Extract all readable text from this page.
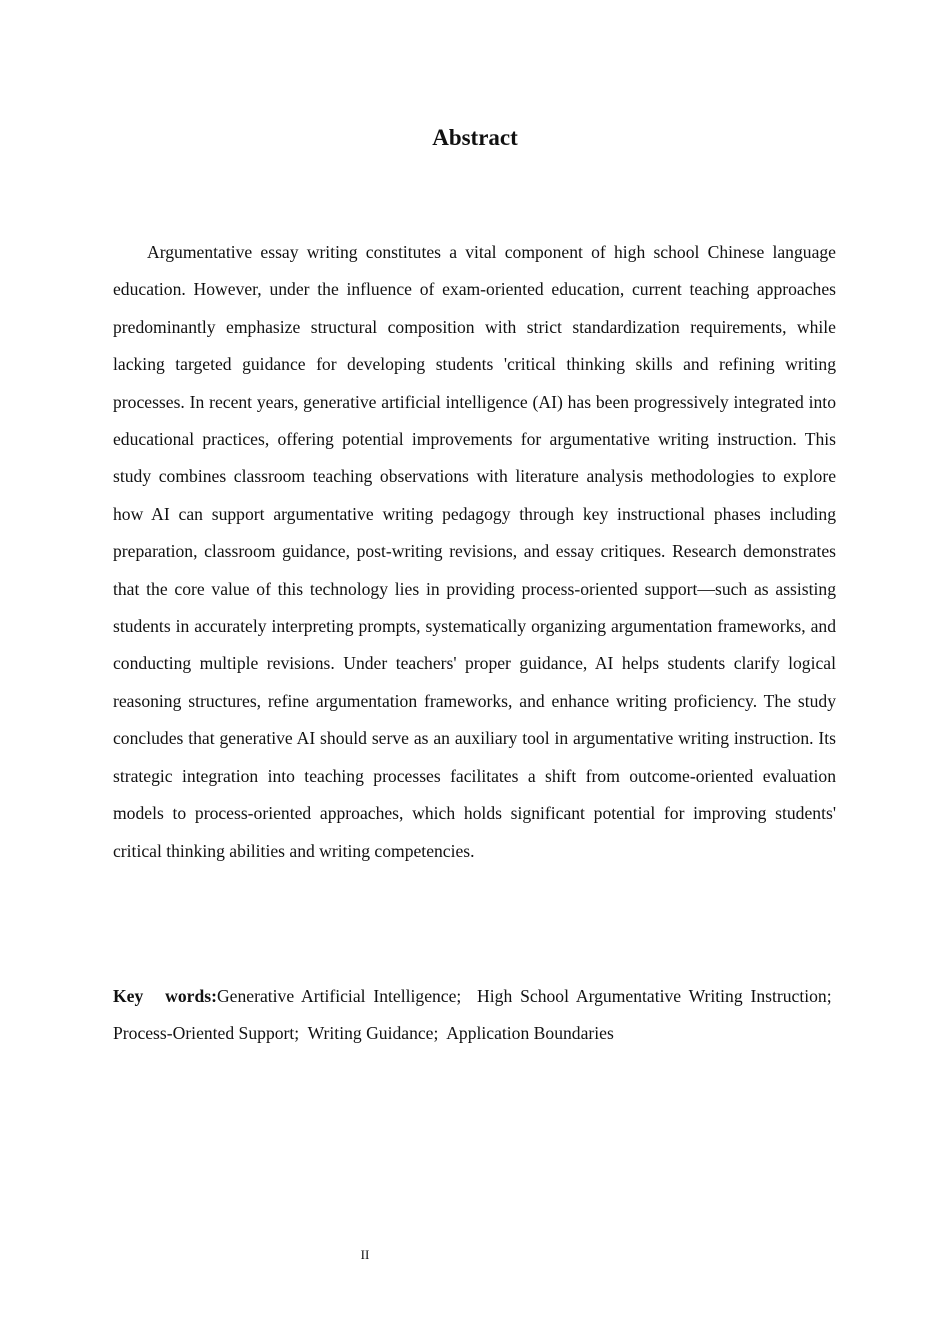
Abstract

Argumentative essay writing constitutes a vital component of high school Chinese language education. However, under the influence of exam-oriented education, current teaching approaches predominantly emphasize structural composition with strict standardization requirements, while lacking targeted guidance for developing students 'critical thinking skills and refining writing processes. In recent years, generative artificial intelligence (AI) has been progressively integrated into educational practices, offering potential improvements for argumentative writing instruction. This study combines classroom teaching observations with literature analysis methodologies to explore how AI can support argumentative writing pedagogy through key instructional phases including preparation, classroom guidance, post-writing revisions, and essay critiques. Research demonstrates that the core value of this technology lies in providing process-oriented support—such as assisting students in accurately interpreting prompts, systematically organizing argumentation frameworks, and conducting multiple revisions. Under teachers' proper guidance, AI helps students clarify logical reasoning structures, refine argumentation frameworks, and enhance writing proficiency. The study concludes that generative AI should serve as an auxiliary tool in argumentative writing instruction. Its strategic integration into teaching processes facilitates a shift from outcome-oriented evaluation models to process-oriented approaches, which holds significant potential for improving students' critical thinking abilities and writing competencies.

Key words:Generative Artificial Intelligence; High School Argumentative Writing Instruction;  Process-Oriented Support; Writing Guidance; Application Boundaries

II
